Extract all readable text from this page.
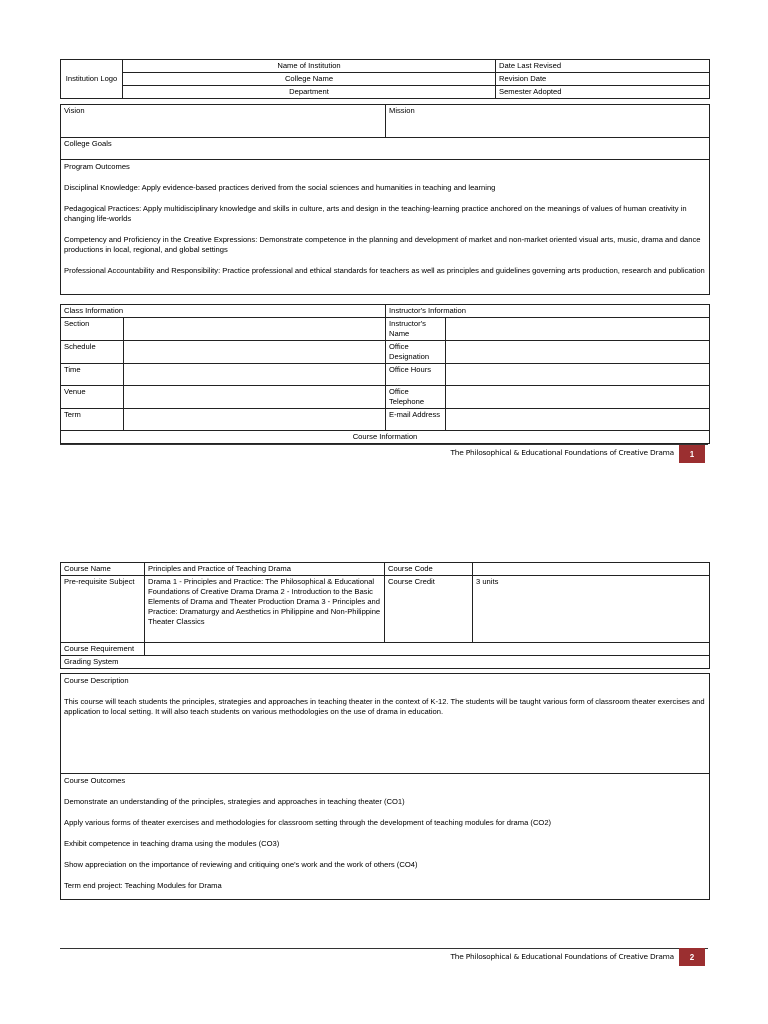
Institution Logo	Name of Institution	Date Last Revised
	College Name	Revision Date
	Department	Semester Adopted
Vision	Mission
College Goals

Program Outcomes
Disciplinal Knowledge: Apply evidence-based practices derived from the social sciences and humanities in teaching and learning
Pedagogical Practices: Apply multidisciplinary knowledge and skills in culture, arts and design in the teaching-learning practice anchored on the meanings of values of human creativity in changing life-worlds
Competency and Proficiency in the Creative Expressions: Demonstrate competence in the planning and development of market and non-market oriented visual arts, music, drama and dance productions in local, regional, and global settings
Professional Accountability and Responsibility: Practice professional and ethical standards for teachers as well as principles and guidelines governing arts production, research and publication
Class Information		Instructor's Information	
Section		Instructor's Name	
Schedule		Office Designation	
Time		Office Hours	
Venue		Office Telephone	
Term		E-mail Address	
Course Information			
The Philosophical & Educational Foundations of Creative Drama	1
Course Name	Principles and Practice of Teaching Drama	Course Code	
Pre-requisite Subject	Drama 1 - Principles and Practice: The Philosophical & Educational Foundations of Creative Drama Drama 2 - Introduction to the Basic Elements of Drama and Theater Production Drama 3 - Principles and Practice: Dramaturgy and Aesthetics in Philippine and Non-Philippine Theater Classics	Course Credit	3 units
Course Requirement			
Grading System			
Course Description
This course will teach students the principles, strategies and approaches in teaching theater in the context of K-12. The students will be taught various form of classroom theater exercises and application to local setting. It will also teach students on various methodologies on the use of drama in education.

Course Outcomes
Demonstrate an understanding of the principles, strategies and approaches in teaching theater (CO1)
Apply various forms of theater exercises and methodologies for classroom setting through the development of teaching modules for drama (CO2)
Exhibit competence in teaching drama using the modules (CO3)
Show appreciation on the importance of reviewing and critiquing one's work and the work of others (CO4)
Term end project: Teaching Modules for Drama
The Philosophical & Educational Foundations of Creative Drama	2
